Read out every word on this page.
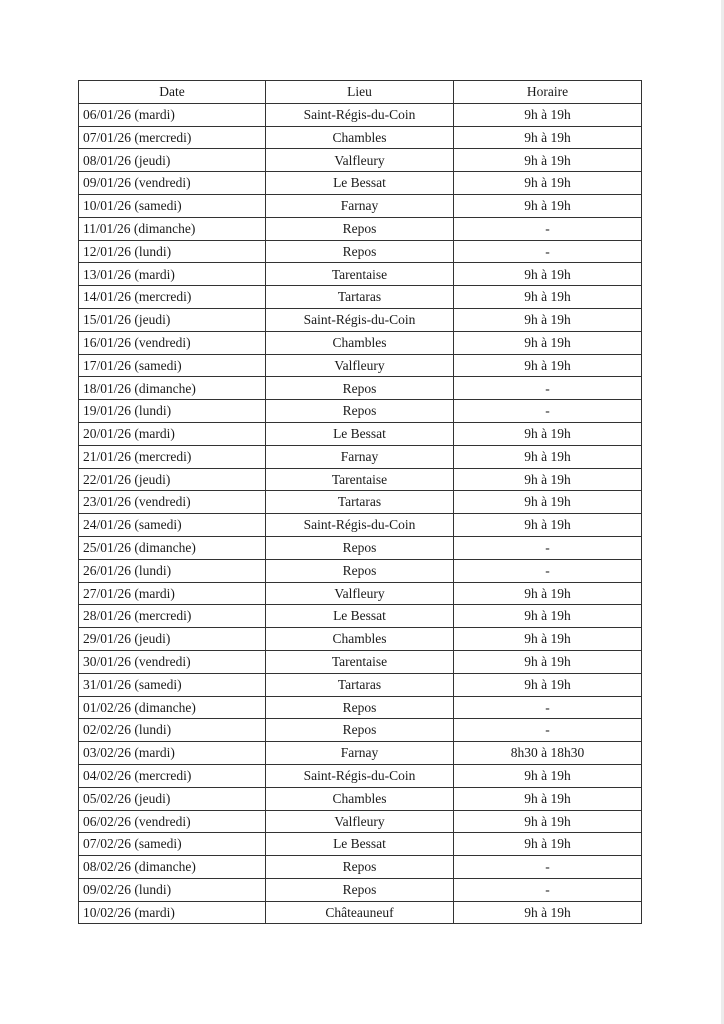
Date	Lieu	Horaire
06/01/26 (mardi)	Saint-Régis-du-Coin	9h à 19h
07/01/26 (mercredi)	Chambles	9h à 19h
08/01/26 (jeudi)	Valfleury	9h à 19h
09/01/26 (vendredi)	Le Bessat	9h à 19h
10/01/26 (samedi)	Farnay	9h à 19h
11/01/26 (dimanche)	Repos	-
12/01/26 (lundi)	Repos	-
13/01/26 (mardi)	Tarentaise	9h à 19h
14/01/26 (mercredi)	Tartaras	9h à 19h
15/01/26 (jeudi)	Saint-Régis-du-Coin	9h à 19h
16/01/26 (vendredi)	Chambles	9h à 19h
17/01/26 (samedi)	Valfleury	9h à 19h
18/01/26 (dimanche)	Repos	-
19/01/26 (lundi)	Repos	-
20/01/26 (mardi)	Le Bessat	9h à 19h
21/01/26 (mercredi)	Farnay	9h à 19h
22/01/26 (jeudi)	Tarentaise	9h à 19h
23/01/26 (vendredi)	Tartaras	9h à 19h
24/01/26 (samedi)	Saint-Régis-du-Coin	9h à 19h
25/01/26 (dimanche)	Repos	-
26/01/26 (lundi)	Repos	-
27/01/26 (mardi)	Valfleury	9h à 19h
28/01/26 (mercredi)	Le Bessat	9h à 19h
29/01/26 (jeudi)	Chambles	9h à 19h
30/01/26 (vendredi)	Tarentaise	9h à 19h
31/01/26 (samedi)	Tartaras	9h à 19h
01/02/26 (dimanche)	Repos	-
02/02/26 (lundi)	Repos	-
03/02/26 (mardi)	Farnay	8h30 à 18h30
04/02/26 (mercredi)	Saint-Régis-du-Coin	9h à 19h
05/02/26 (jeudi)	Chambles	9h à 19h
06/02/26 (vendredi)	Valfleury	9h à 19h
07/02/26 (samedi)	Le Bessat	9h à 19h
08/02/26 (dimanche)	Repos	-
09/02/26 (lundi)	Repos	-
10/02/26 (mardi)	Châteauneuf	9h à 19h
